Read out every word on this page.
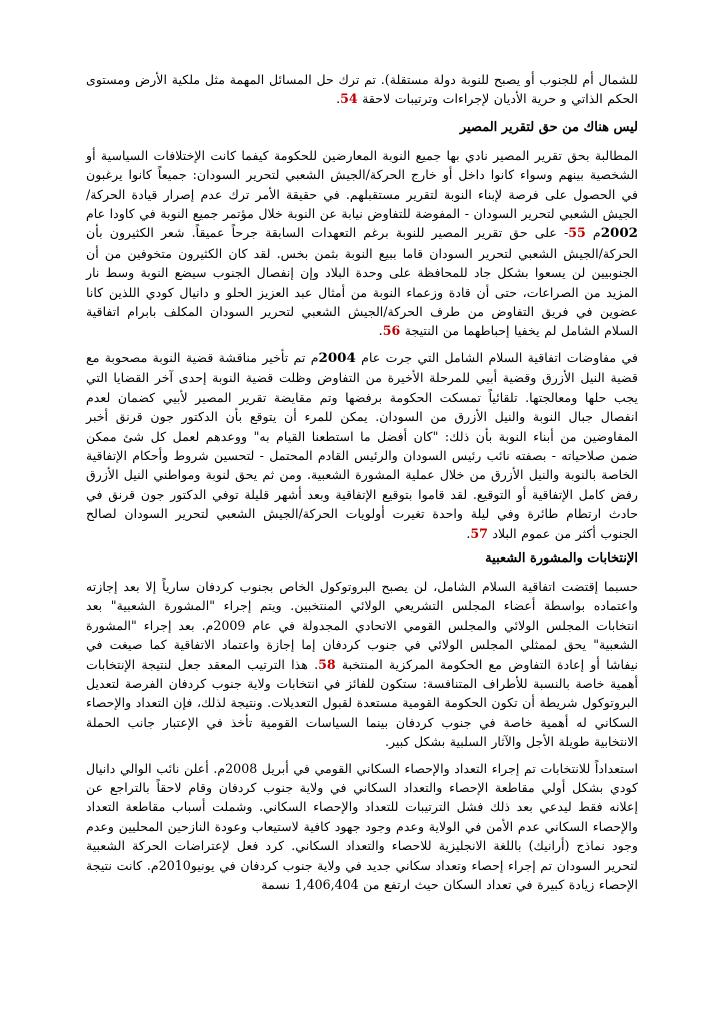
للشمال أم للجنوب أو يصبح للنوبة دولة مستقلة). تم ترك حل المسائل المهمة مثل ملكية الأرض ومستوى الحكم الذاتي و حرية الأديان لإجراءات وترتيبات لاحقة 54.

ليس هناك من حق لتقرير المصير

المطالبة بحق تقرير المصير نادي بها جميع النوبة المعارضين للحكومة كيفما كانت الإختلافات السياسية أو الشخصية بينهم وسواء كانوا داخل أو خارج الحركة/الجيش الشعبي لتحرير السودان: جميعاً كانوا يرغبون في الحصول على فرصة لإبناء النوبة لتقرير مستقبلهم. في حقيقة الأمر ترك عدم إصرار قيادة الحركة/الجيش الشعبي لتحرير السودان - المفوضة للتفاوض نيابة عن النوبة خلال مؤتمر جميع النوبة في كاودا عام 2002م 55- على حق تقرير المصير للنوبة برغم التعهدات السابقة جرحاً عميقاً. شعر الكثيرون بأن الحركة/الجيش الشعبي لتحرير السودان قاما ببيع النوبة بثمن بخس. لقد كان الكثيرون متخوفين من أن الجنوبيين لن يسعوا بشكل جاد للمحافظة على وحدة البلاد وإن إنفصال الجنوب سيضع النوبة وسط نار المزيد من الصراعات، حتى أن قادة وزعماء النوبة من أمثال عبد العزيز الحلو و دانيال كودي اللذين كانا عضوين في فريق التفاوض من طرف الحركة/الجيش الشعبي لتحرير السودان المكلف بابرام اتفاقية السلام الشامل لم يخفيا إحباطهما من النتيجة 56.

في مفاوضات اتفاقية السلام الشامل التي جرت عام 2004م تم تأخير مناقشة قضية النوبة مصحوبة مع قضية النيل الأزرق وقضية أبيي للمرحلة الأخيرة من التفاوض وظلت قضية النوبة إحدى آخر القضايا التي يجب حلها ومعالجتها. تلقائياً تمسكت الحكومة برفضها وتم مقايضة تقرير المصير لأبيي كضمان لعدم انفصال جبال النوبة والنيل الأزرق من السودان. يمكن للمرء أن يتوقع بأن الدكتور جون قرنق أخبر المفاوضين من أبناء النوبة بأن ذلك: "كان أفضل ما استطعنا القيام به" ووعدهم لعمل كل شئ ممكن ضمن صلاحياته - بصفته نائب رئيس السودان والرئيس القادم المحتمل - لتحسين شروط وأحكام الإتفاقية الخاصة بالنوبة والنيل الأزرق من خلال عملية المشورة الشعبية. ومن ثم يحق لنوبة ومواطني النيل الأزرق رفض كامل الإتفاقية أو التوقيع. لقد قاموا بتوقيع الإتفاقية وبعد أشهر قليلة توفي الدكتور جون قرنق في حادث ارتطام طائرة وفي ليلة واحدة تغيرت أولويات الحركة/الجيش الشعبي لتحرير السودان لصالح الجنوب أكثر من عموم البلاد 57.

الإنتخابات والمشورة الشعبية

حسبما إقتضت اتفاقية السلام الشامل، لن يصبح البروتوكول الخاص بجنوب كردفان سارياً إلا بعد إجازته واعتماده بواسطة أعضاء المجلس التشريعي الولائي المنتخبين. ويتم إجراء "المشورة الشعبية" بعد انتخابات المجلس الولائي والمجلس القومي الاتحادي المجدولة في عام 2009م. بعد إجراء "المشورة الشعبية" يحق لممثلي المجلس الولائي في جنوب كردفان إما إجازة واعتماد الاتفاقية كما صيغت في نيفاشا أو إعادة التفاوض مع الحكومة المركزية المنتخبة 58. هذا الترتيب المعقد جعل لنتيجة الإنتخابات أهمية خاصة بالنسبة للأطراف المتنافسة: ستكون للفائز في انتخابات ولاية جنوب كردفان الفرصة لتعديل البروتوكول شريطة أن تكون الحكومة القومية مستعدة لقبول التعديلات. ونتيجة لذلك، فإن التعداد والإحصاء السكاني له أهمية خاصة في جنوب كردفان بينما السياسات القومية تأخذ في الإعتبار جانب الحملة الانتخابية طويلة الأجل والآثار السلبية بشكل كبير.

استعداداً للانتخابات تم إجراء التعداد والإحصاء السكاني القومي في أبريل 2008م. أعلن نائب الوالي دانيال كودي بشكل أولي مقاطعة الإحصاء والتعداد السكاني في ولاية جنوب كردفان وقام لاحقاً بالتراجع عن إعلانه فقط ليدعي بعد ذلك فشل الترتيبات للتعداد والإحصاء السكاني. وشملت أسباب مقاطعة التعداد والإحصاء السكاني عدم الأمن في الولاية وعدم وجود جهود كافية لاستيعاب وعودة النازحين المحليين وعدم وجود نماذج (أرانيك) باللغة الانجليزية للاحصاء والتعداد السكاني. كرد فعل لإعتراضات الحركة الشعبية لتحرير السودان تم إجراء إحصاء وتعداد سكاني جديد في ولاية جنوب كردفان في يونيو2010م. كانت نتيجة الإحصاء زيادة كبيرة في تعداد السكان حيث ارتفع من 1,406,404 نسمة
